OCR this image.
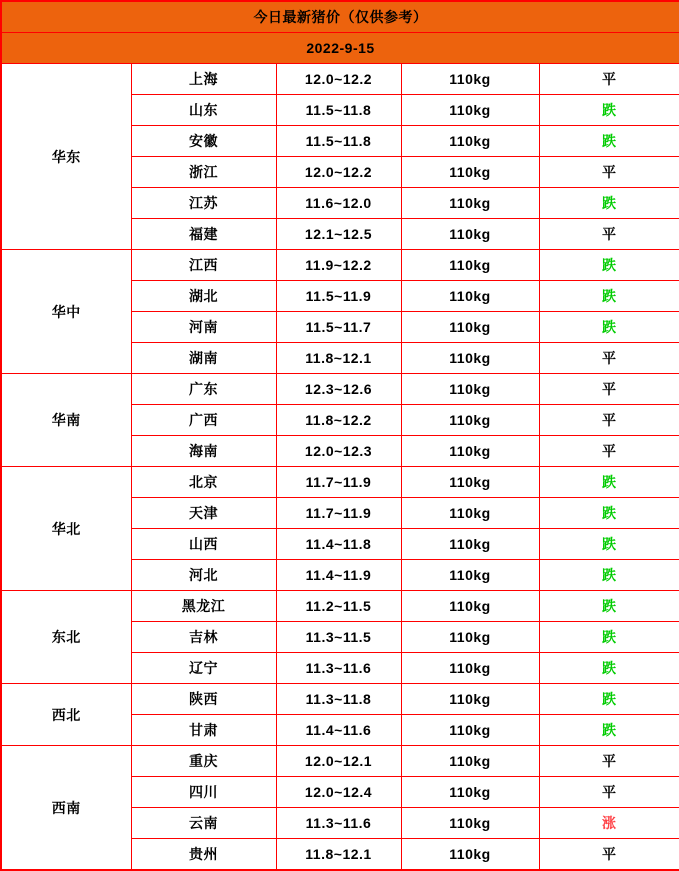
今日最新猪价（仅供参考）				
2022-9-15				
华东	上海	12.0~12.2	110kg	平
	山东	11.5~11.8	110kg	跌
	安徽	11.5~11.8	110kg	跌
	浙江	12.0~12.2	110kg	平
	江苏	11.6~12.0	110kg	跌
	福建	12.1~12.5	110kg	平
华中	江西	11.9~12.2	110kg	跌
	湖北	11.5~11.9	110kg	跌
	河南	11.5~11.7	110kg	跌
	湖南	11.8~12.1	110kg	平
华南	广东	12.3~12.6	110kg	平
	广西	11.8~12.2	110kg	平
	海南	12.0~12.3	110kg	平
华北	北京	11.7~11.9	110kg	跌
	天津	11.7~11.9	110kg	跌
	山西	11.4~11.8	110kg	跌
	河北	11.4~11.9	110kg	跌
东北	黑龙江	11.2~11.5	110kg	跌
	吉林	11.3~11.5	110kg	跌
	辽宁	11.3~11.6	110kg	跌
西北	陕西	11.3~11.8	110kg	跌
	甘肃	11.4~11.6	110kg	跌
西南	重庆	12.0~12.1	110kg	平
	四川	12.0~12.4	110kg	平
	云南	11.3~11.6	110kg	涨
	贵州	11.8~12.1	110kg	平
